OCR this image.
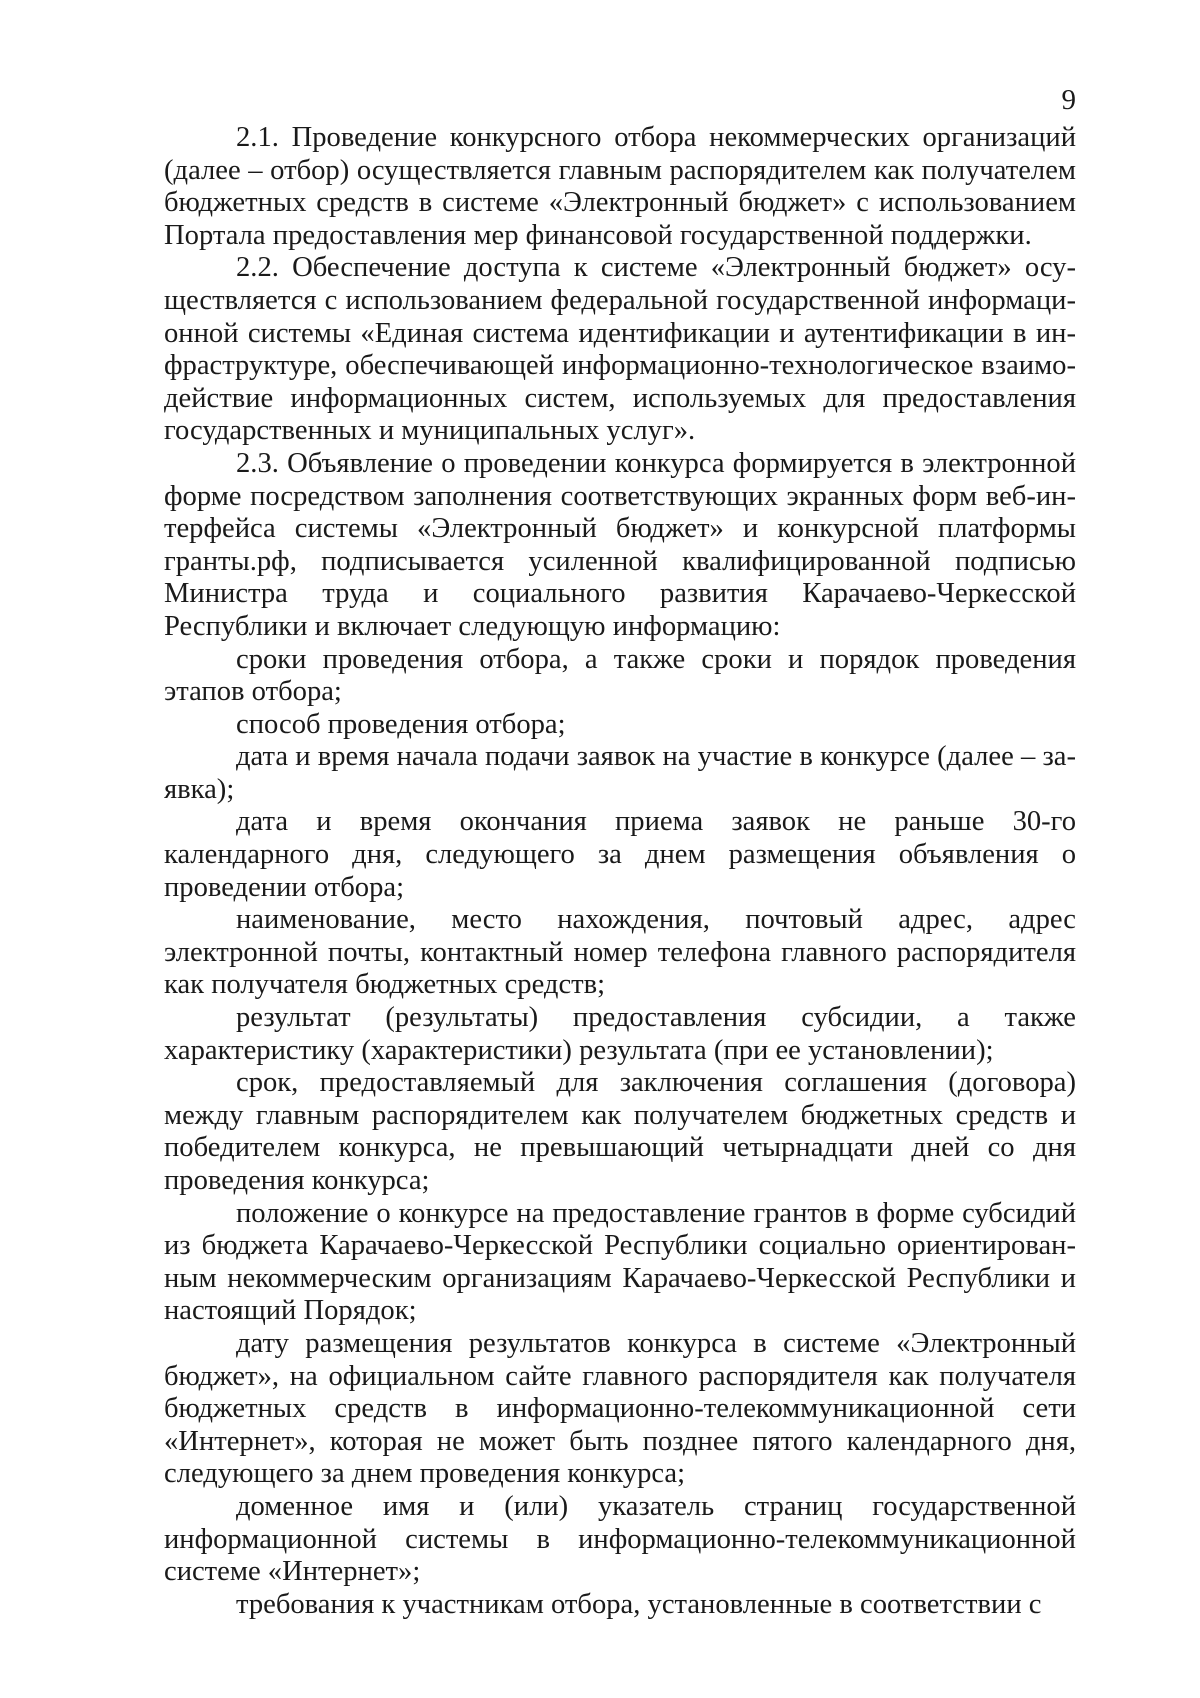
9

2.1. Проведение конкурсного отбора некоммерческих организаций (далее – отбор) осуществляется главным распорядителем как получателем бюджетных средств в системе «Электронный бюджет» с использованием Портала предоставления мер финансовой государственной поддержки.

2.2. Обеспечение доступа к системе «Электронный бюджет» осуществляется с использованием федеральной государственной информационной системы «Единая система идентификации и аутентификации в инфраструктуре, обеспечивающей информационно-технологическое взаимодействие информационных систем, используемых для предоставления государственных и муниципальных услуг».

2.3. Объявление о проведении конкурса формируется в электронной форме посредством заполнения соответствующих экранных форм веб-интерфейса системы «Электронный бюджет» и конкурсной платформы гранты.рф, подписывается усиленной квалифицированной подписью Министра труда и социального развития Карачаево-Черкесской Республики и включает следующую информацию:

сроки проведения отбора, а также сроки и порядок проведения этапов отбора;

способ проведения отбора;

дата и время начала подачи заявок на участие в конкурсе (далее – заявка);

дата и время окончания приема заявок не раньше 30-го календарного дня, следующего за днем размещения объявления о проведении отбора;

наименование, место нахождения, почтовый адрес, адрес электронной почты, контактный номер телефона главного распорядителя как получателя бюджетных средств;

результат (результаты) предоставления субсидии, а также характеристику (характеристики) результата (при ее установлении);

срок, предоставляемый для заключения соглашения (договора) между главным распорядителем как получателем бюджетных средств и победителем конкурса, не превышающий четырнадцати дней со дня проведения конкурса;

положение о конкурсе на предоставление грантов в форме субсидий из бюджета Карачаево-Черкесской Республики социально ориентированным некоммерческим организациям Карачаево-Черкесской Республики и настоящий Порядок;

дату размещения результатов конкурса в системе «Электронный бюджет», на официальном сайте главного распорядителя как получателя бюджетных средств в информационно-телекоммуникационной сети «Интернет», которая не может быть позднее пятого календарного дня, следующего за днем проведения конкурса;

доменное имя и (или) указатель страниц государственной информационной системы в информационно-телекоммуникационной системе «Интернет»;

требования к участникам отбора, установленные в соответствии с
